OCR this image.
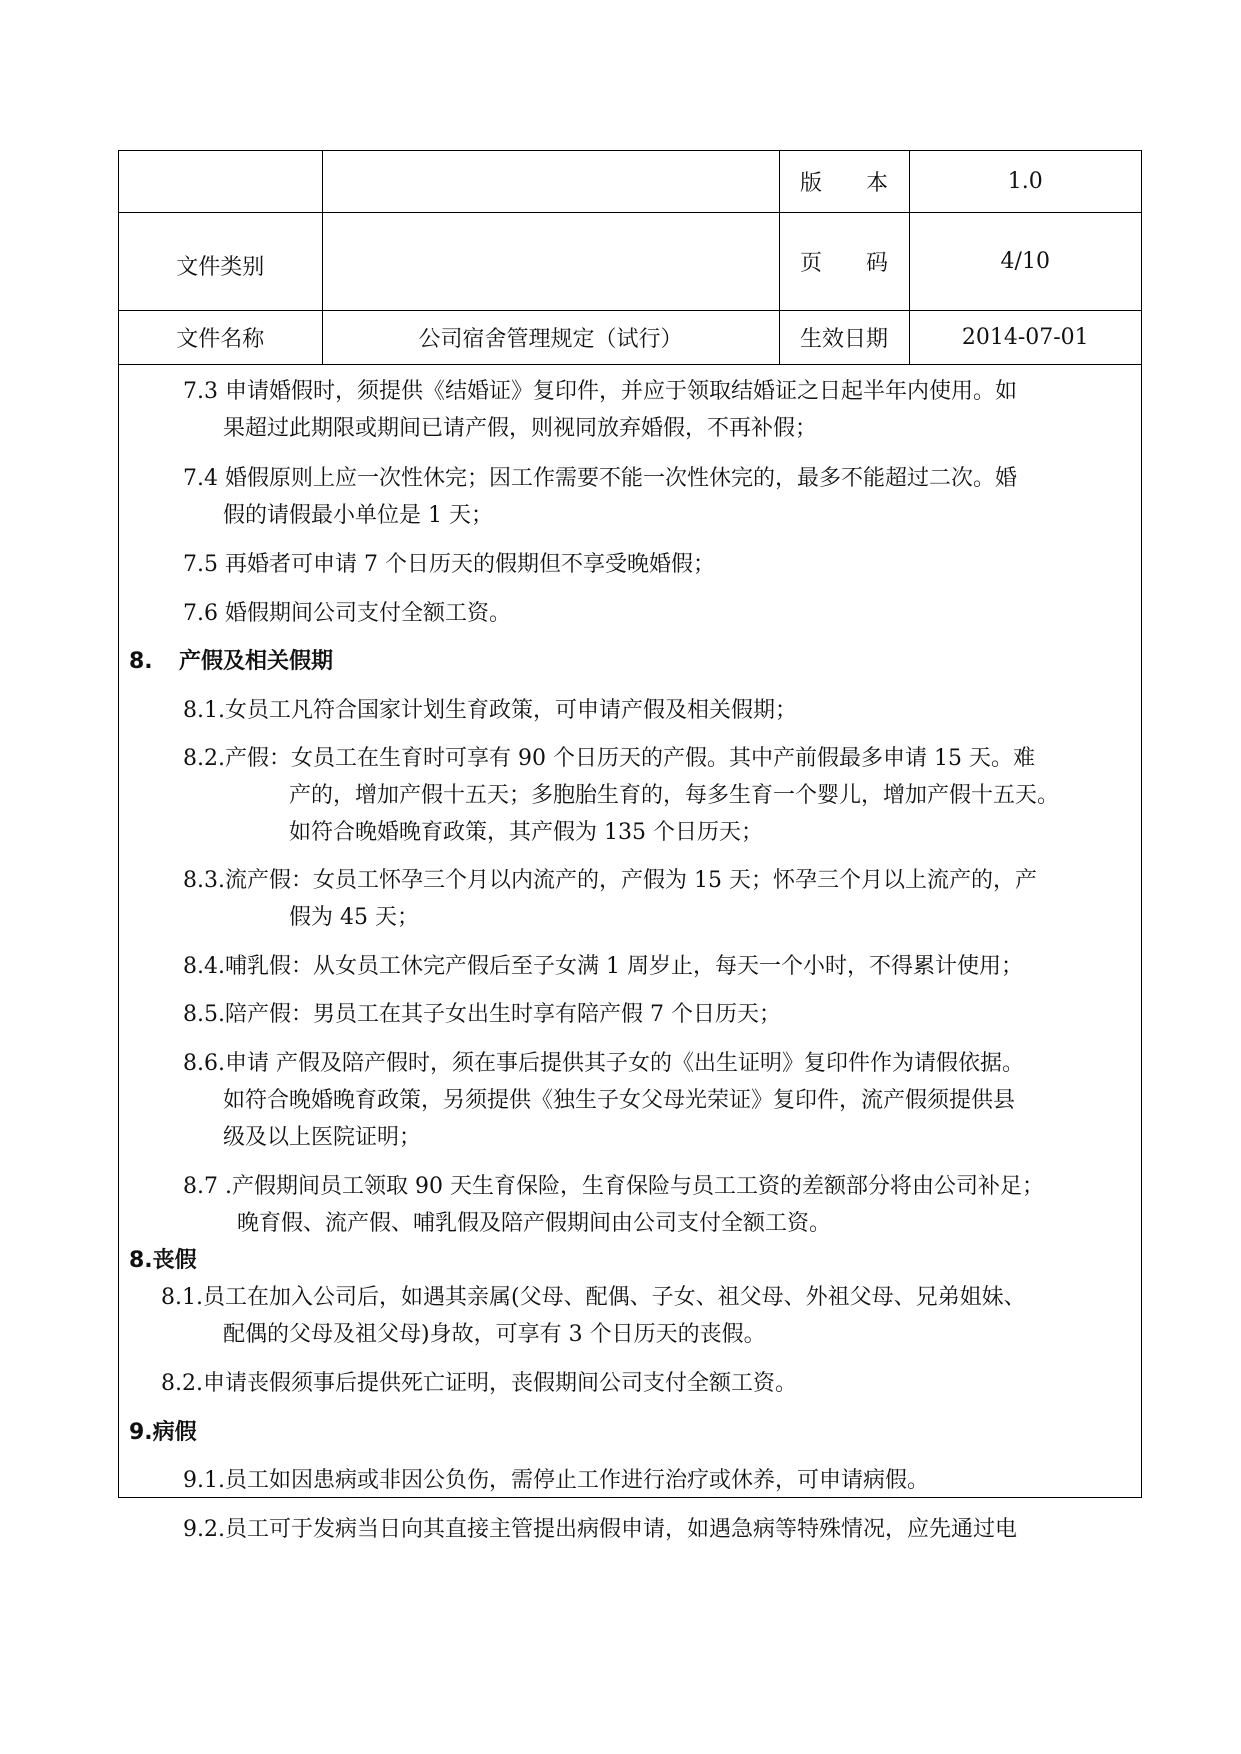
		版　　本	1.0
文件类别		页　　码	4/10
文件名称	公司宿舍管理规定（试行）	生效日期	2014-07-01
7.3 申请婚假时，须提供《结婚证》复印件，并应于领取结婚证之日起半年内使用。如
果超过此期限或期间已请产假，则视同放弃婚假，不再补假；
7.4 婚假原则上应一次性休完；因工作需要不能一次性休完的，最多不能超过二次。婚
假的请假最小单位是 1 天；
7.5 再婚者可申请 7 个日历天的假期但不享受晚婚假；
7.6 婚假期间公司支付全额工资。
8. 产假及相关假期
8.1.女员工凡符合国家计划生育政策，可申请产假及相关假期；
8.2.产假：女员工在生育时可享有 90 个日历天的产假。其中产前假最多申请 15 天。难
产的，增加产假十五天；多胞胎生育的，每多生育一个婴儿，增加产假十五天。
如符合晚婚晚育政策，其产假为 135 个日历天；
8.3.流产假：女员工怀孕三个月以内流产的，产假为 15 天；怀孕三个月以上流产的，产
假为 45 天；
8.4.哺乳假：从女员工休完产假后至子女满 1 周岁止，每天一个小时，不得累计使用；
8.5.陪产假：男员工在其子女出生时享有陪产假 7 个日历天；
8.6.申请 产假及陪产假时，须在事后提供其子女的《出生证明》复印件作为请假依据。
如符合晚婚晚育政策，另须提供《独生子女父母光荣证》复印件，流产假须提供县
级及以上医院证明；
8.7 .产假期间员工领取 90 天生育保险，生育保险与员工工资的差额部分将由公司补足；
晚育假、流产假、哺乳假及陪产假期间由公司支付全额工资。
8.丧假
8.1.员工在加入公司后，如遇其亲属(父母、配偶、子女、祖父母、外祖父母、兄弟姐妹、
配偶的父母及祖父母)身故，可享有 3 个日历天的丧假。
8.2.申请丧假须事后提供死亡证明，丧假期间公司支付全额工资。
9.病假
9.1.员工如因患病或非因公负伤，需停止工作进行治疗或休养，可申请病假。
9.2.员工可于发病当日向其直接主管提出病假申请，如遇急病等特殊情况，应先通过电
